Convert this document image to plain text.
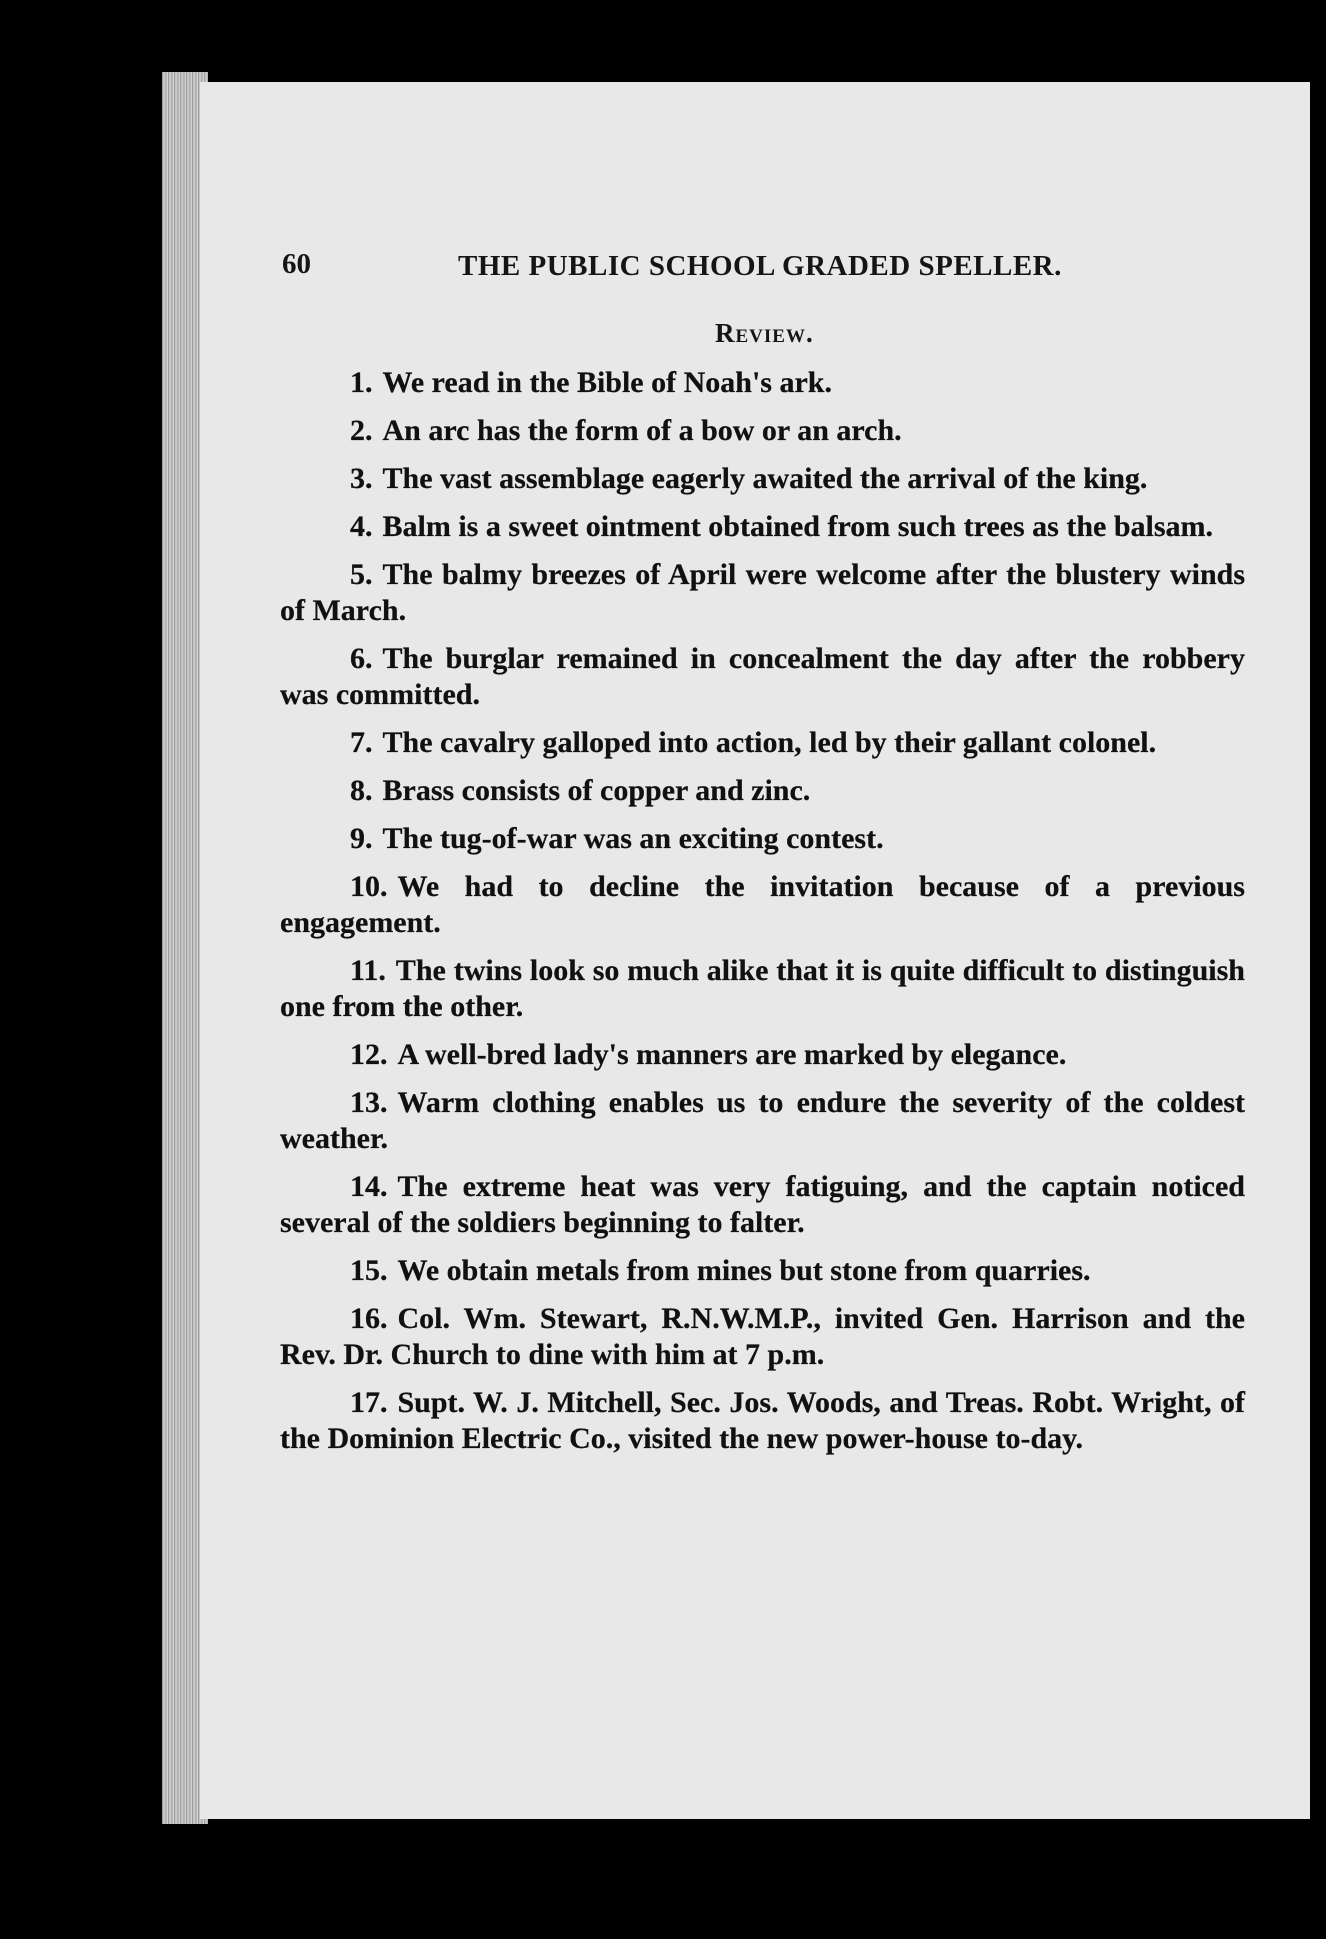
60	THE PUBLIC SCHOOL GRADED SPELLER.
Review.

1. We read in the Bible of Noah's ark.

2. An arc has the form of a bow or an arch.

3. The vast assemblage eagerly awaited the arrival of the king.

4. Balm is a sweet ointment obtained from such trees as the balsam.

5. The balmy breezes of April were welcome after the blustery winds of March.

6. The burglar remained in concealment the day after the robbery was committed.

7. The cavalry galloped into action, led by their gallant colonel.

8. Brass consists of copper and zinc.

9. The tug-of-war was an exciting contest.

10. We had to decline the invitation because of a previous engagement.

11. The twins look so much alike that it is quite difficult to distinguish one from the other.

12. A well-bred lady's manners are marked by elegance.

13. Warm clothing enables us to endure the severity of the coldest weather.

14. The extreme heat was very fatiguing, and the captain noticed several of the soldiers beginning to falter.

15. We obtain metals from mines but stone from quarries.

16. Col. Wm. Stewart, R.N.W.M.P., invited Gen. Harrison and the Rev. Dr. Church to dine with him at 7 p.m.

17. Supt. W. J. Mitchell, Sec. Jos. Woods, and Treas. Robt. Wright, of the Dominion Electric Co., visited the new power-house to-day.
